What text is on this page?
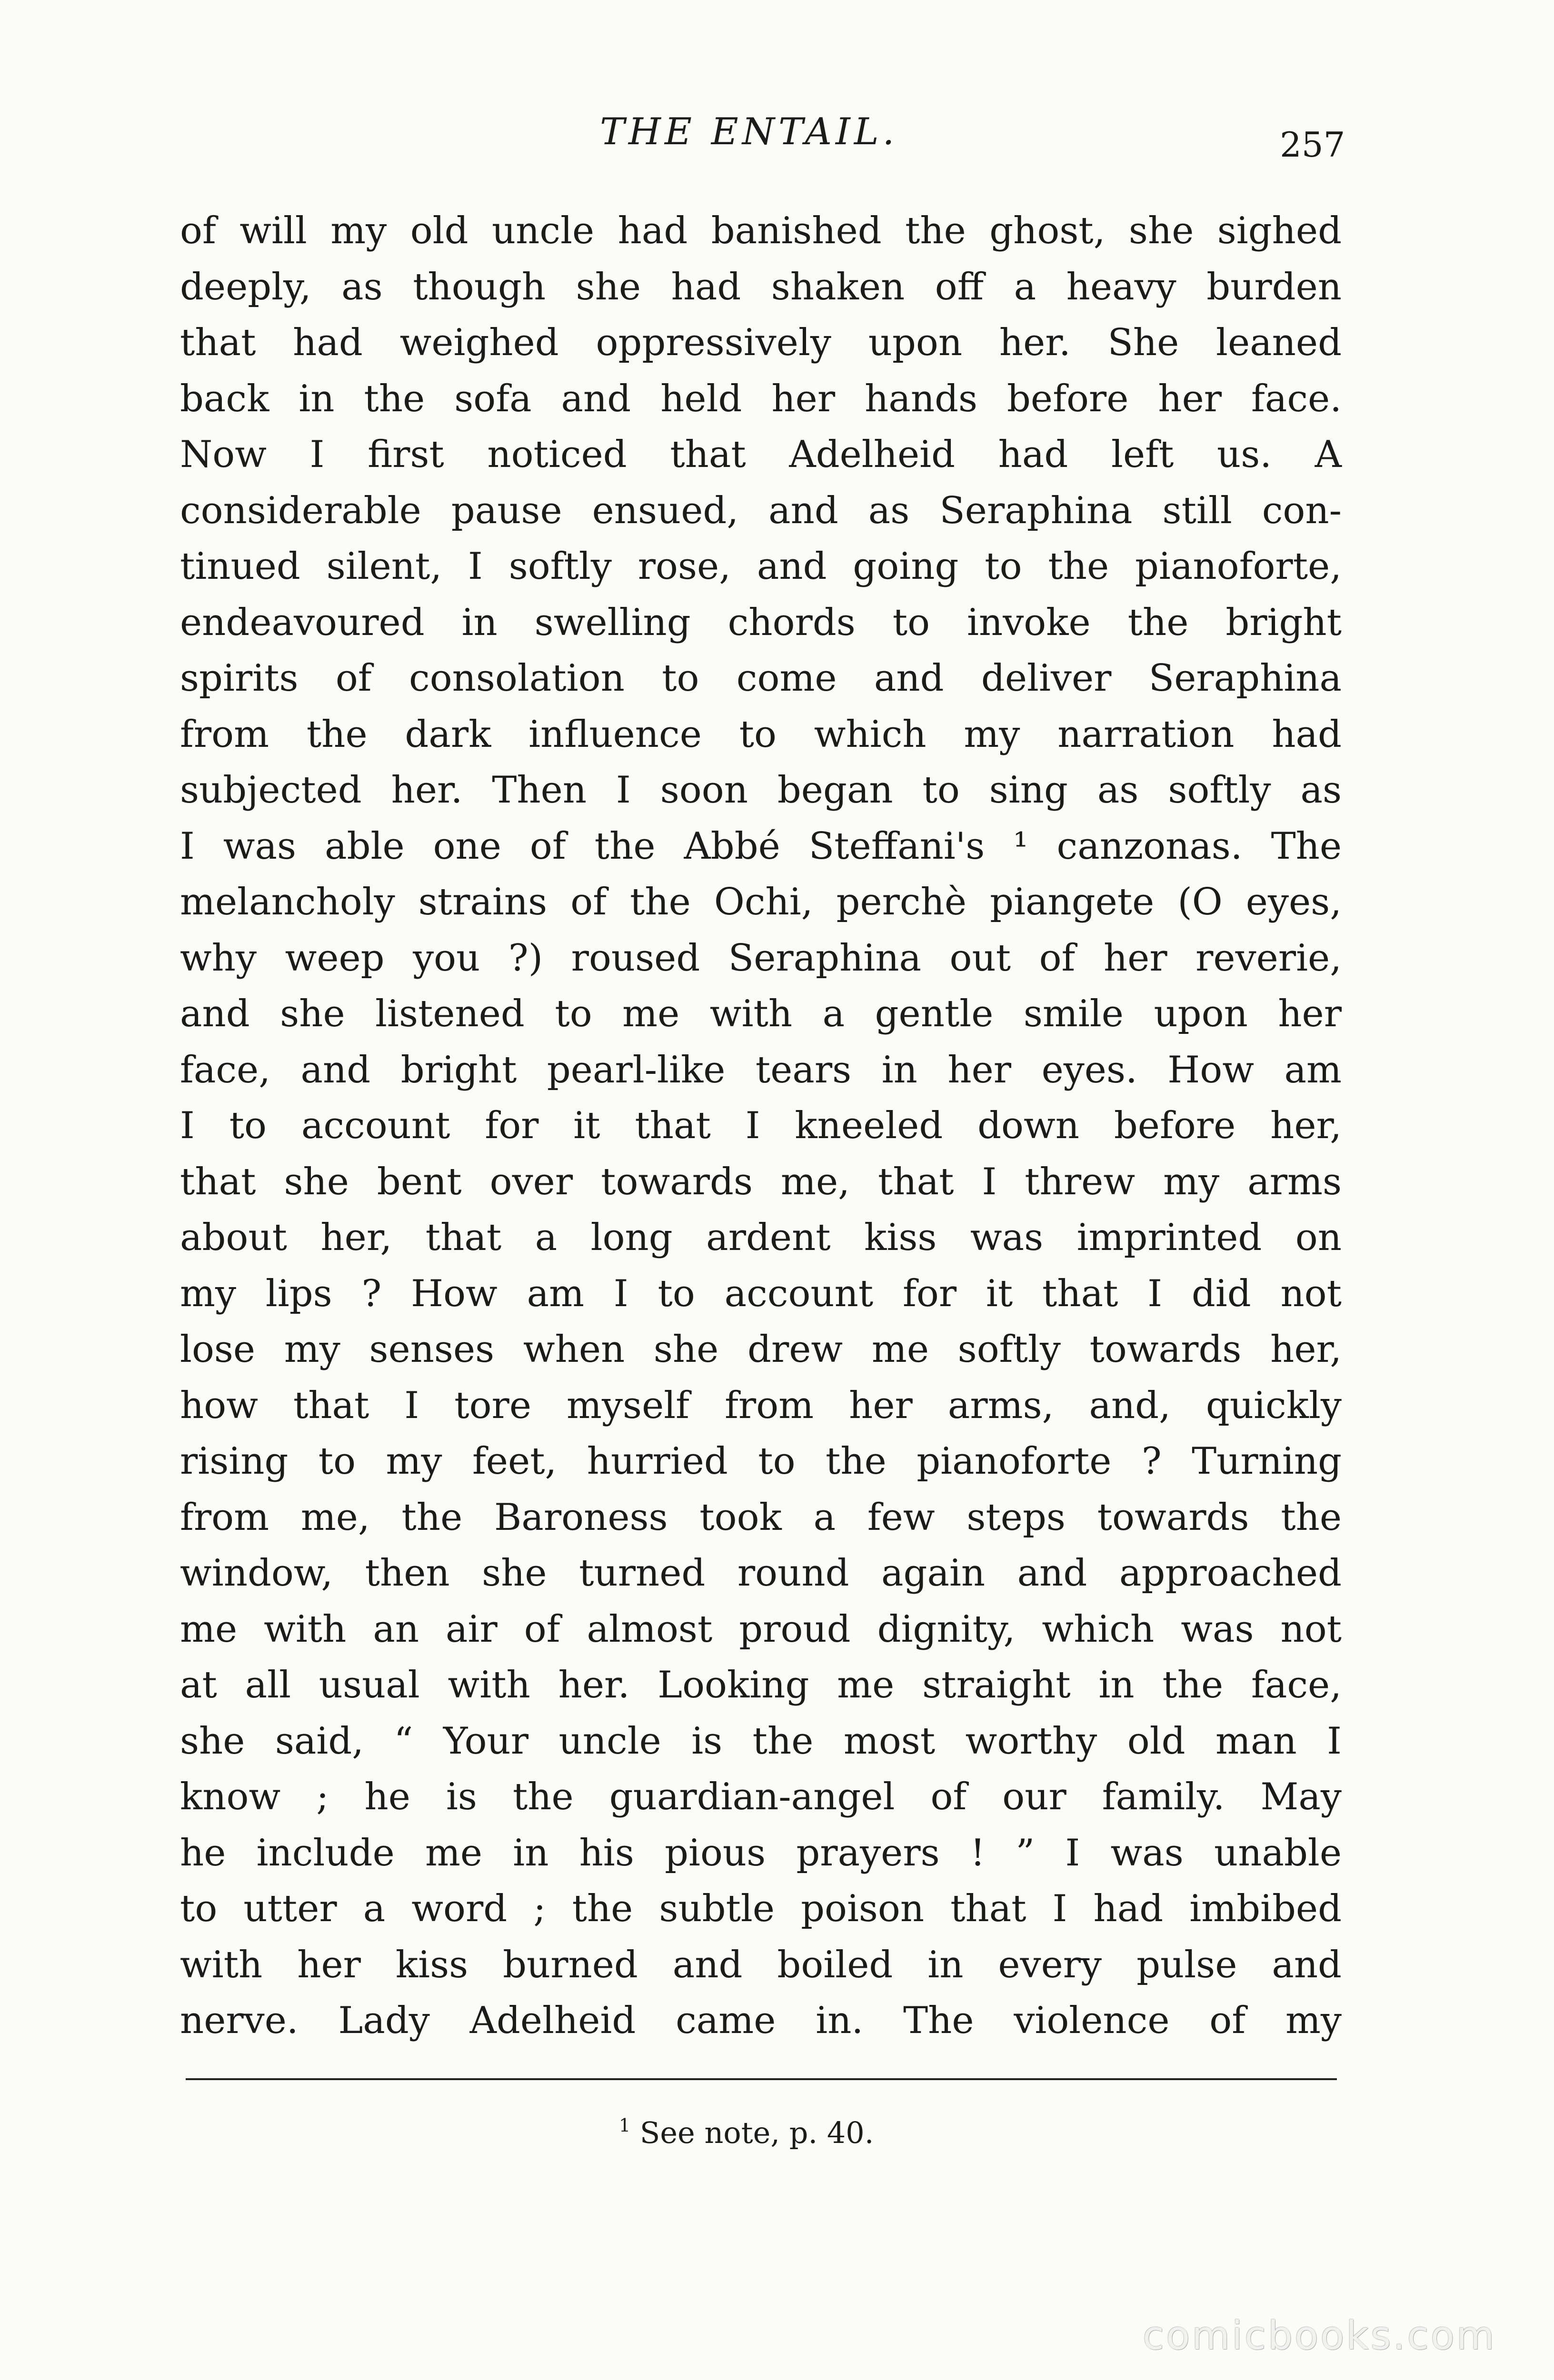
THE ENTAIL.	257
of will my old uncle had banished the ghost, she sighed
deeply, as though she had shaken off a heavy burden
that had weighed oppressively upon her. She leaned
back in the sofa and held her hands before her face.
Now I first noticed that Adelheid had left us. A
considerable pause ensued, and as Seraphina still con-
tinued silent, I softly rose, and going to the pianoforte,
endeavoured in swelling chords to invoke the bright
spirits of consolation to come and deliver Seraphina
from the dark influence to which my narration had
subjected her. Then I soon began to sing as softly as
I was able one of the Abbé Steffani's ¹ canzonas. The
melancholy strains of the Ochi, perchè piangete (O eyes,
why weep you ?) roused Seraphina out of her reverie,
and she listened to me with a gentle smile upon her
face, and bright pearl-like tears in her eyes. How am
I to account for it that I kneeled down before her,
that she bent over towards me, that I threw my arms
about her, that a long ardent kiss was imprinted on
my lips ? How am I to account for it that I did not
lose my senses when she drew me softly towards her,
how that I tore myself from her arms, and, quickly
rising to my feet, hurried to the pianoforte ? Turning
from me, the Baroness took a few steps towards the
window, then she turned round again and approached
me with an air of almost proud dignity, which was not
at all usual with her. Looking me straight in the face,
she said, “ Your uncle is the most worthy old man I
know ; he is the guardian-angel of our family. May
he include me in his pious prayers ! ” I was unable
to utter a word ; the subtle poison that I had imbibed
with her kiss burned and boiled in every pulse and
nerve. Lady Adelheid came in. The violence of my
$^1$ See note, p. 40.
comicbooks.com
